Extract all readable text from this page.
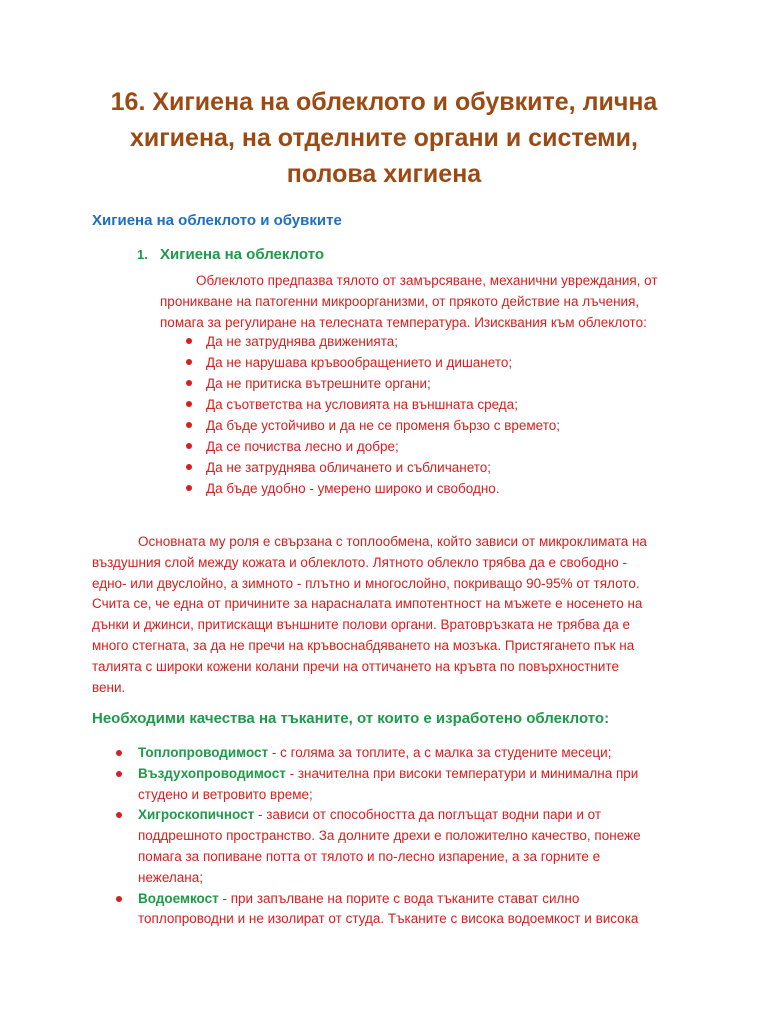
16. Хигиена на облеклото и обувките, лична
хигиена, на отделните органи и системи,
полова хигиена
Хигиена на облеклото и обувките
1. Хигиена на облеклото
Облеклото предпазва тялото от замърсяване, механични увреждания, от
проникване на патогенни микроорганизми, от прякото действие на лъчения,
помага за регулиране на телесната температура. Изисквания към облеклото:
Да не затруднява движенията;
Да не нарушава кръвообращението и дишането;
Да не притиска вътрешните органи;
Да съответства на условията на външната среда;
Да бъде устойчиво и да не се променя бързо с времето;
Да се почиства лесно и добре;
Да не затруднява обличането и събличането;
Да бъде удобно - умерено широко и свободно.
Основната му роля е свързана с топлообмена, който зависи от микроклимата на
въздушния слой между кожата и облеклото. Лятното облекло трябва да е свободно -
едно- или двуслойно, а зимното - плътно и многослойно, покриващо 90-95% от тялото.
Счита се, че една от причините за нарасналата импотентност на мъжете е носенето на
дънки и джинси, притискащи външните полови органи. Вратовръзката не трябва да е
много стегната, за да не пречи на кръвоснабдяването на мозъка. Пристягането пък на
талията с широки кожени колани пречи на оттичането на кръвта по повърхностните
вени.
Необходими качества на тъканите, от които е изработено облеклото:
Топлопроводимост - с голяма за топлите, а с малка за студените месеци;
Въздухопроводимост - значителна при високи температури и минимална при
студено и ветровито време;
Хигроскопичност - зависи от способността да поглъщат водни пари и от
поддрешното пространство. За долните дрехи е положително качество, понеже
помага за попиване потта от тялото и по-лесно изпарение, а за горните е
нежелана;
Водоемкост - при запълване на порите с вода тъканите стават силно
топлопроводни и не изолират от студа. Тъканите с висока водоемкост и висока
